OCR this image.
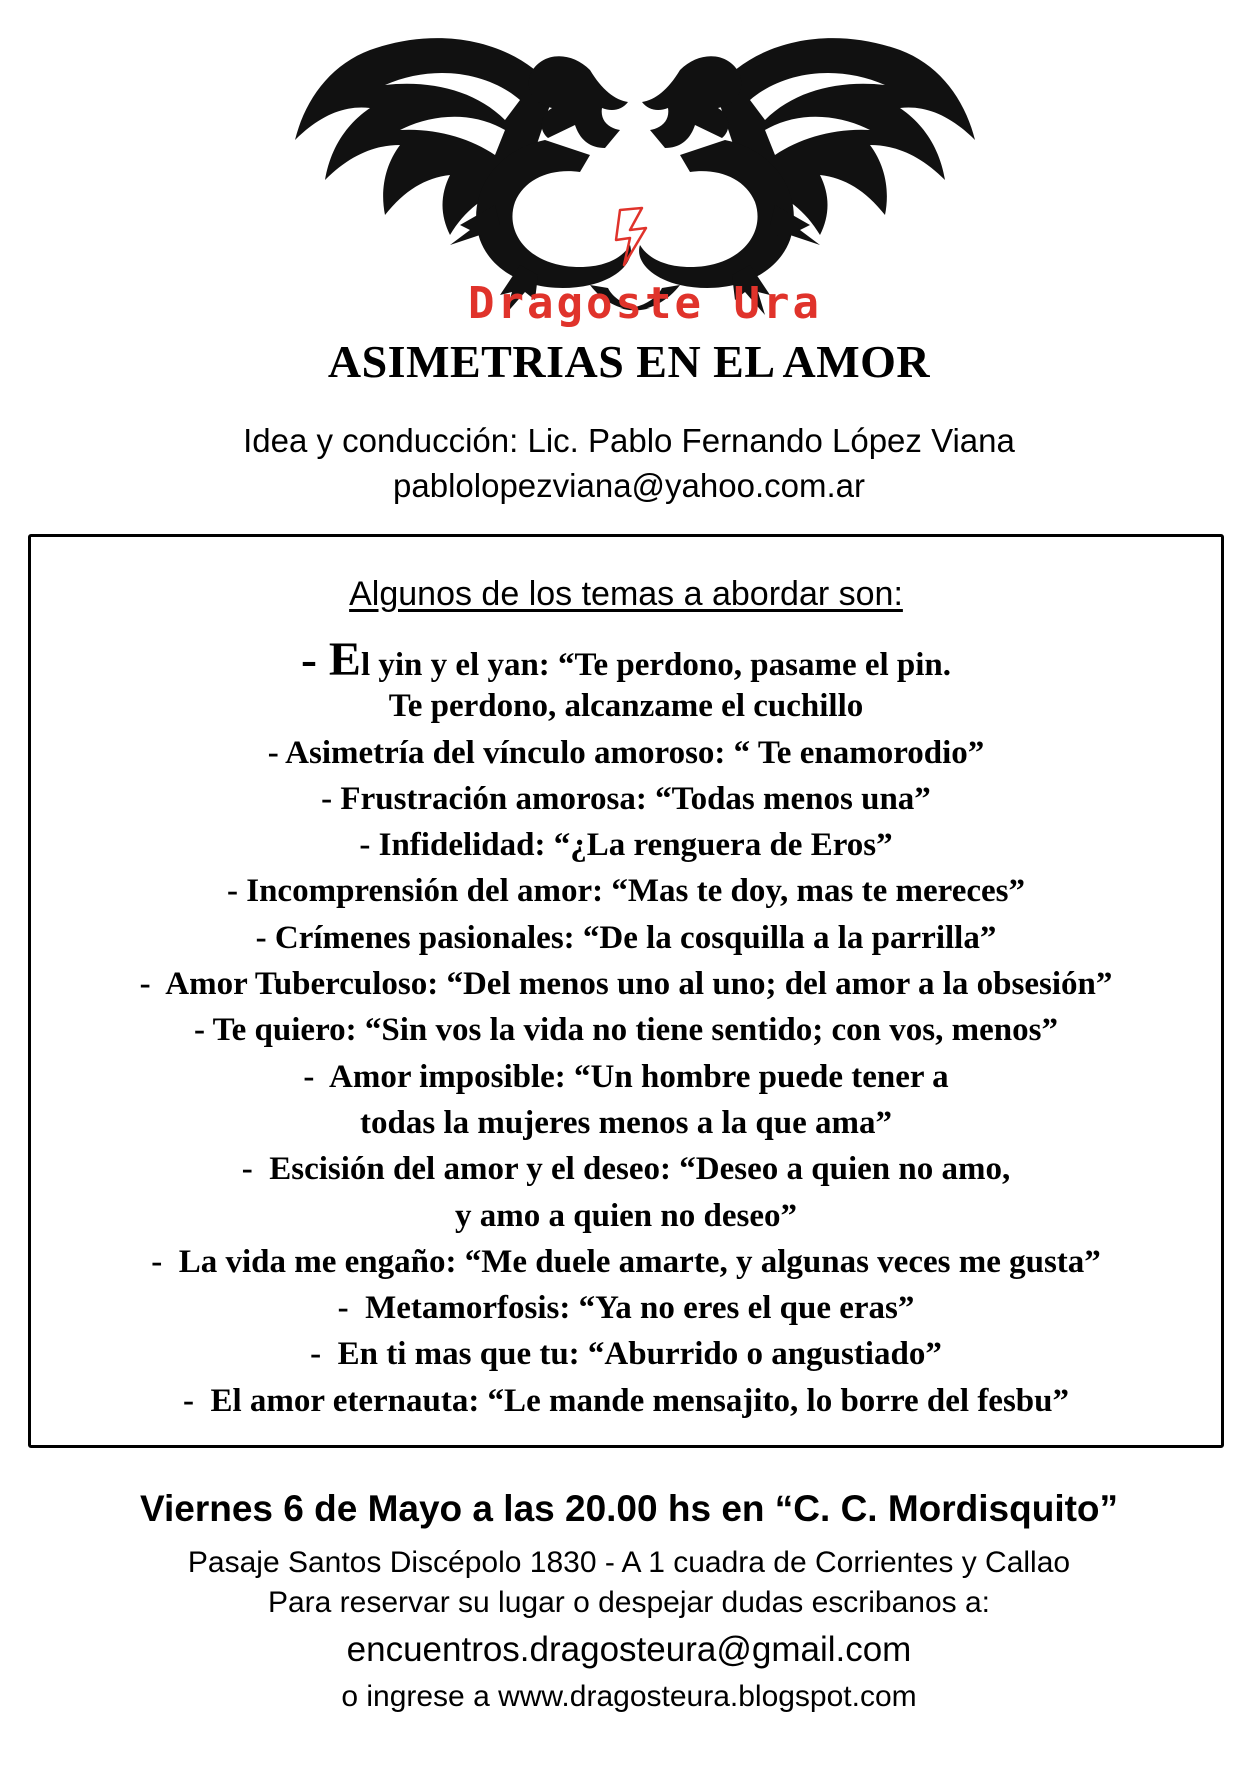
Dragoste Ura
ASIMETRIAS EN EL AMOR
Idea y conducción: Lic. Pablo Fernando López Viana
pablolopezviana@yahoo.com.ar
Algunos de los temas a abordar son:
- El yin y el yan: “Te perdono, pasame el pin.
Te perdono, alcanzame el cuchillo
- Asimetría del vínculo amoroso: “ Te enamorodio”
- Frustración amorosa: “Todas menos una”
- Infidelidad: “¿La renguera de Eros”
- Incomprensión del amor: “Mas te doy, mas te mereces”
- Crímenes pasionales: “De la cosquilla a la parrilla”
-  Amor Tuberculoso: “Del menos uno al uno; del amor a la obsesión”
- Te quiero: “Sin vos la vida no tiene sentido; con vos, menos”
-  Amor imposible: “Un hombre puede tener a
todas la mujeres menos a la que ama”
-  Escisión del amor y el deseo: “Deseo a quien no amo,
y amo a quien no deseo”
-  La vida me engaño: “Me duele amarte, y algunas veces me gusta”
-  Metamorfosis: “Ya no eres el que eras”
-  En ti mas que tu: “Aburrido o angustiado”
-  El amor eternauta: “Le mande mensajito, lo borre del fesbu”
Viernes 6 de Mayo a las 20.00 hs en “C. C. Mordisquito”
Pasaje Santos Discépolo 1830 - A 1 cuadra de Corrientes y Callao
Para reservar su lugar o despejar dudas escribanos a:
encuentros.dragosteura@gmail.com
o ingrese a www.dragosteura.blogspot.com
